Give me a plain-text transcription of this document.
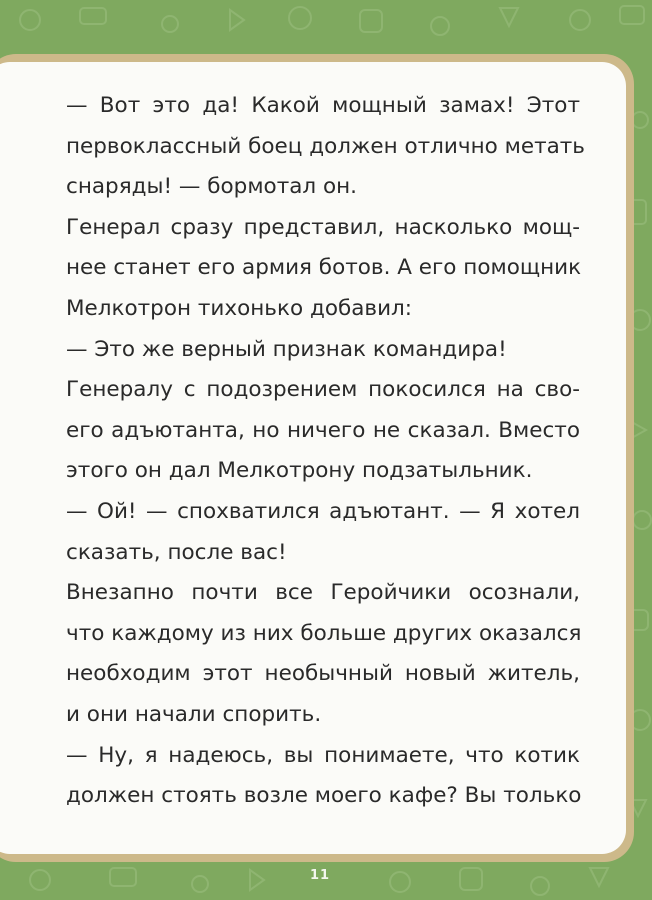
— Вот это да! Какой мощный замах! Этот
первоклассный боец должен отлично метать
снаряды! — бормотал он.
Генерал сразу представил, насколько мощ-
нее станет его армия ботов. А его помощник
Мелкотрон тихонько добавил:
— Это же верный признак командира!
Генералу с подозрением покосился на сво-
его адъютанта, но ничего не сказал. Вместо
этого он дал Мелкотрону подзатыльник.
— Ой! — спохватился адъютант. — Я хотел
сказать, после вас!
Внезапно почти все Геройчики осознали,
что каждому из них больше других оказался
необходим этот необычный новый житель,
и они начали спорить.
— Ну, я надеюсь, вы понимаете, что котик
должен стоять возле моего кафе? Вы только
11
